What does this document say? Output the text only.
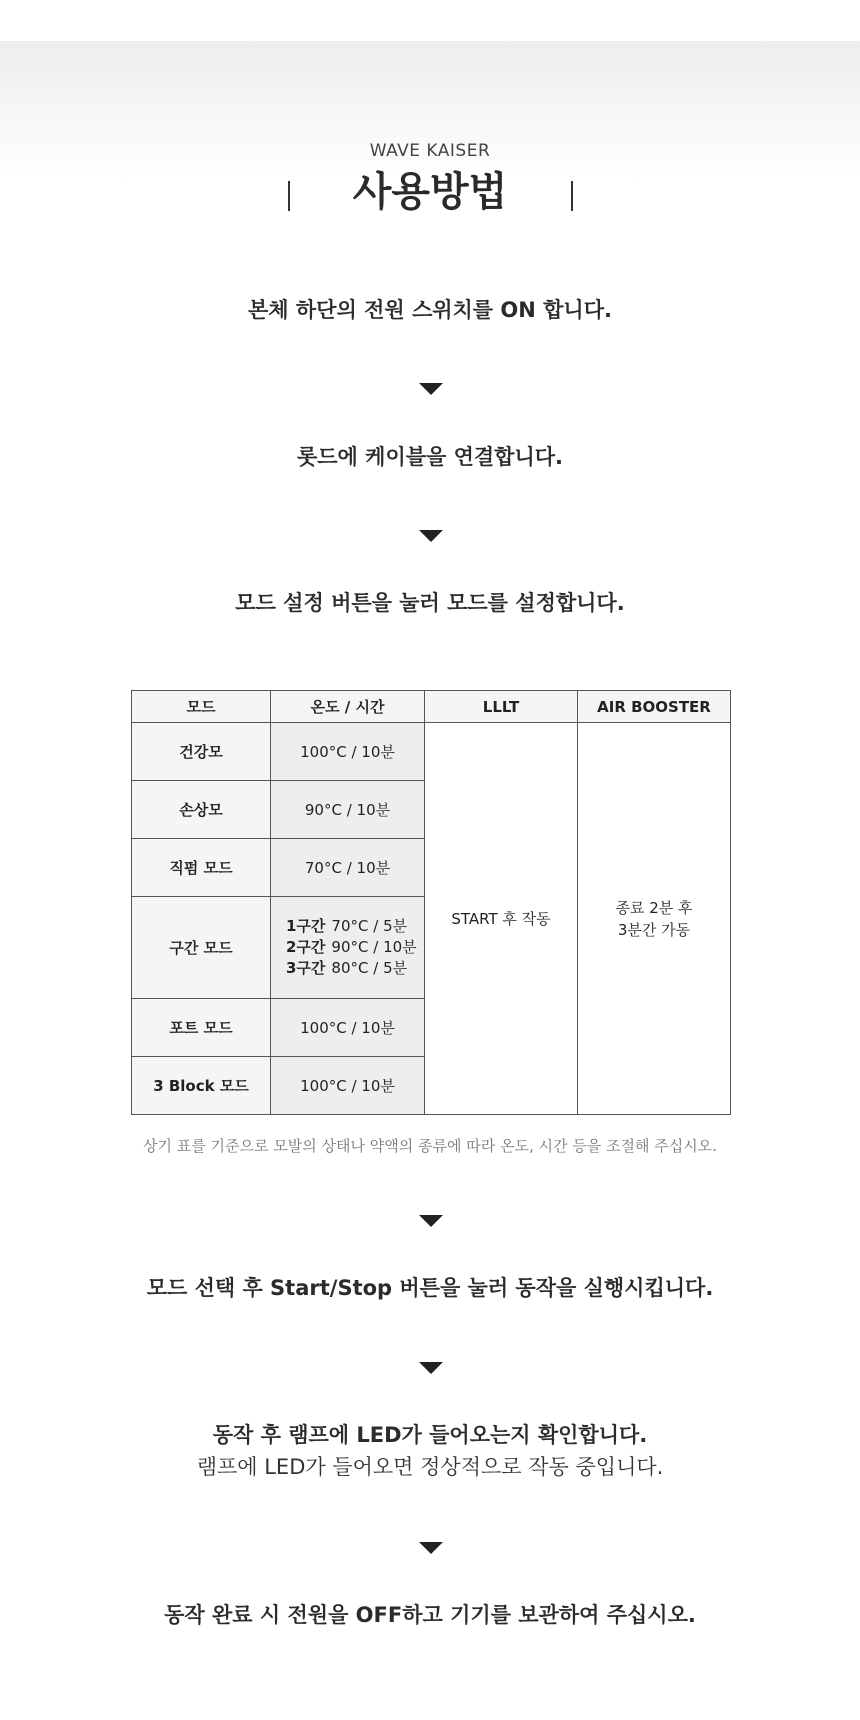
WAVE KAISER
사용방법
본체 하단의 전원 스위치를 ON 합니다.
롯드에 케이블을 연결합니다.
모드 설정 버튼을 눌러 모드를 설정합니다.
모드	온도 / 시간	LLLT	AIR BOOSTER
건강모	100°C / 10분	START 후 작동	종료 2분 후
3분간 가동
손상모	90°C / 10분		
직펌 모드	70°C / 10분		
구간 모드	1구간 70°C / 5분
2구간 90°C / 10분
3구간 80°C / 5분		

포트 모드	100°C / 10분		
3 Block 모드	100°C / 10분		
상기 표를 기준으로 모발의 상태나 약액의 종류에 따라 온도, 시간 등을 조절해 주십시오.
모드 선택 후 Start/Stop 버튼을 눌러 동작을 실행시킵니다.
동작 후 램프에 LED가 들어오는지 확인합니다.
램프에 LED가 들어오면 정상적으로 작동 중입니다.
동작 완료 시 전원을 OFF하고 기기를 보관하여 주십시오.
